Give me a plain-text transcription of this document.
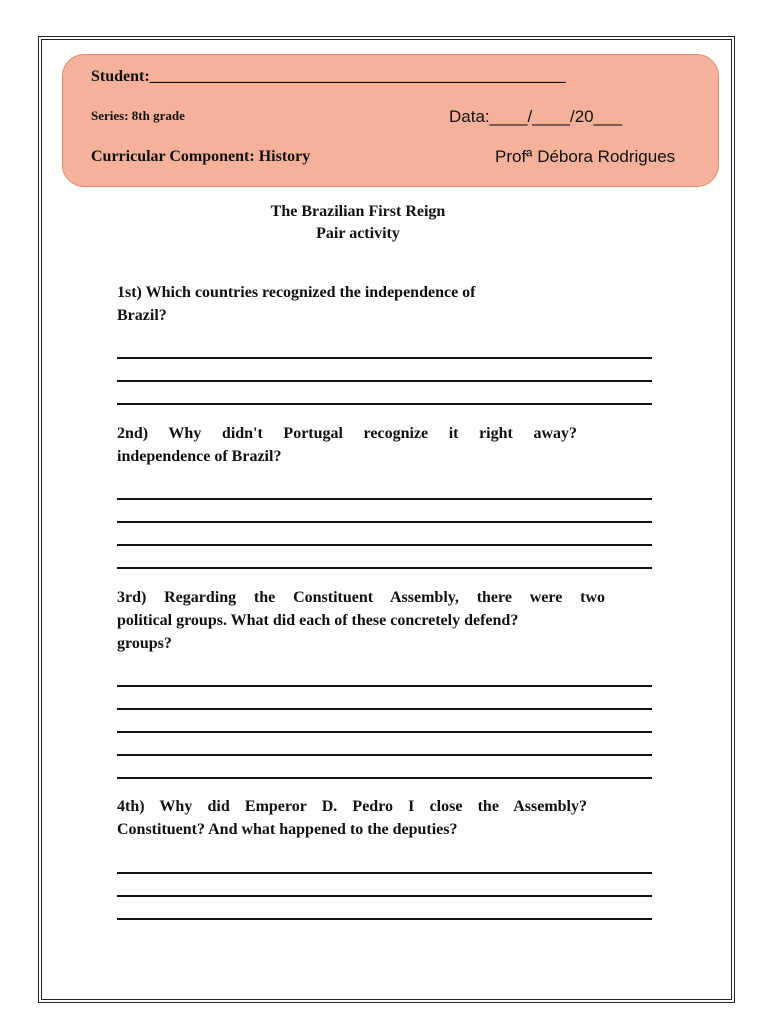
Student:____________________________________________________
Series: 8th grade	Data:____/____/20___
Curricular Component: History	Profª Débora Rodrigues
The Brazilian First Reign
Pair activity
1st) Which countries recognized the independence of
Brazil?
2nd) Why didn't Portugal recognize it right away?
independence of Brazil?
3rd) Regarding the Constituent Assembly, there were two
political groups. What did each of these concretely defend?
groups?
4th) Why did Emperor D. Pedro I close the Assembly?
Constituent? And what happened to the deputies?
